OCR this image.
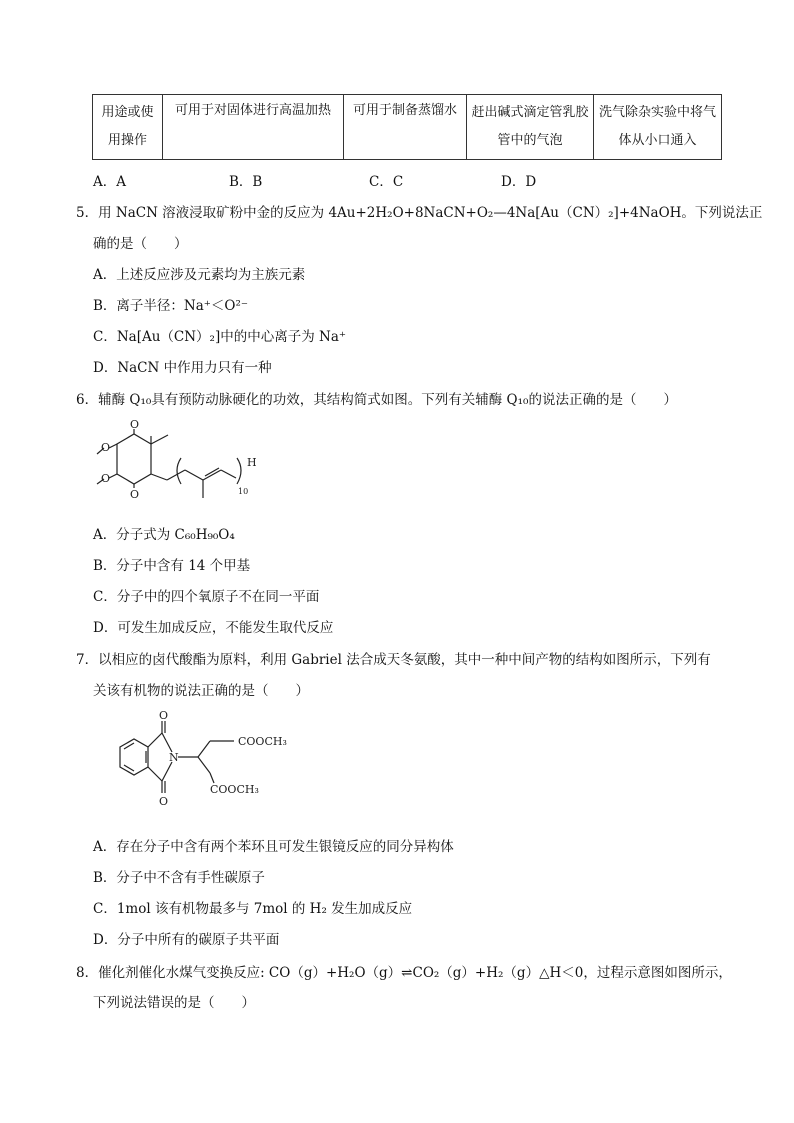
用途或使用操作	可用于对固体进行高温加热	可用于制备蒸馏水	赶出碱式滴定管乳胶管中的气泡	洗气除杂实验中将气体从小口通入
A．A	B．B	C．C	D．D
5．用 NaCN 溶液浸取矿粉中金的反应为 4Au+2H₂O+8NaCN+O₂—4Na[Au（CN）₂]+4NaOH。下列说法正
确的是（　　）
A．上述反应涉及元素均为主族元素
B．离子半径：Na⁺＜O²⁻
C．Na[Au（CN）₂]中的中心离子为 Na⁺
D．NaCN 中作用力只有一种
6．辅酶 Q₁₀具有预防动脉硬化的功效，其结构简式如图。下列有关辅酶 Q₁₀的说法正确的是（　　）
O
O
O
O
H
10
A．分子式为 C₆₀H₉₀O₄
B．分子中含有 14 个甲基
C．分子中的四个氧原子不在同一平面
D．可发生加成反应，不能发生取代反应
7．以相应的卤代酸酯为原料，利用 Gabriel 法合成天冬氨酸，其中一种中间产物的结构如图所示，下列有
关该有机物的说法正确的是（　　）
O
O
N
COOCH₃
COOCH₃
A．存在分子中含有两个苯环且可发生银镜反应的同分异构体
B．分子中不含有手性碳原子
C．1mol 该有机物最多与 7mol 的 H₂ 发生加成反应
D．分子中所有的碳原子共平面
8．催化剂催化水煤气变换反应: CO（g）+H₂O（g）⇌CO₂（g）+H₂（g）△H＜0，过程示意图如图所示，
下列说法错误的是（　　）
